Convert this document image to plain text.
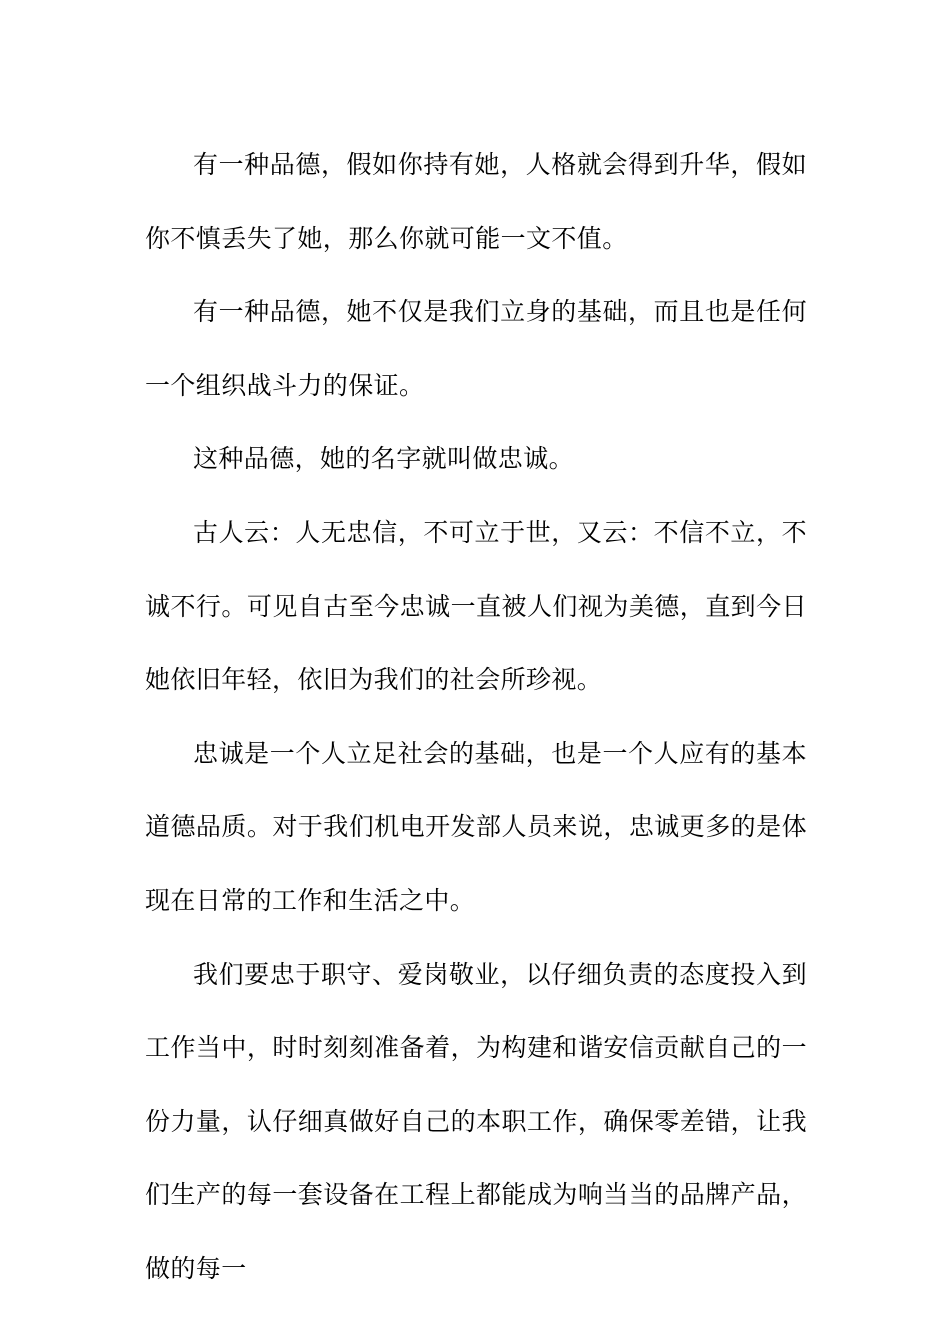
有一种品德，假如你持有她，人格就会得到升华，假如你不慎丢失了她，那么你就可能一文不值。

有一种品德，她不仅是我们立身的基础，而且也是任何一个组织战斗力的保证。

这种品德，她的名字就叫做忠诚。

古人云：人无忠信，不可立于世，又云：不信不立，不诚不行。可见自古至今忠诚一直被人们视为美德，直到今日她依旧年轻，依旧为我们的社会所珍视。

忠诚是一个人立足社会的基础，也是一个人应有的基本道德品质。对于我们机电开发部人员来说，忠诚更多的是体现在日常的工作和生活之中。

我们要忠于职守、爱岗敬业，以仔细负责的态度投入到工作当中，时时刻刻准备着，为构建和谐安信贡献自己的一份力量，认仔细真做好自己的本职工作，确保零差错，让我们生产的每一套设备在工程上都能成为响当当的品牌产品，做的每一
